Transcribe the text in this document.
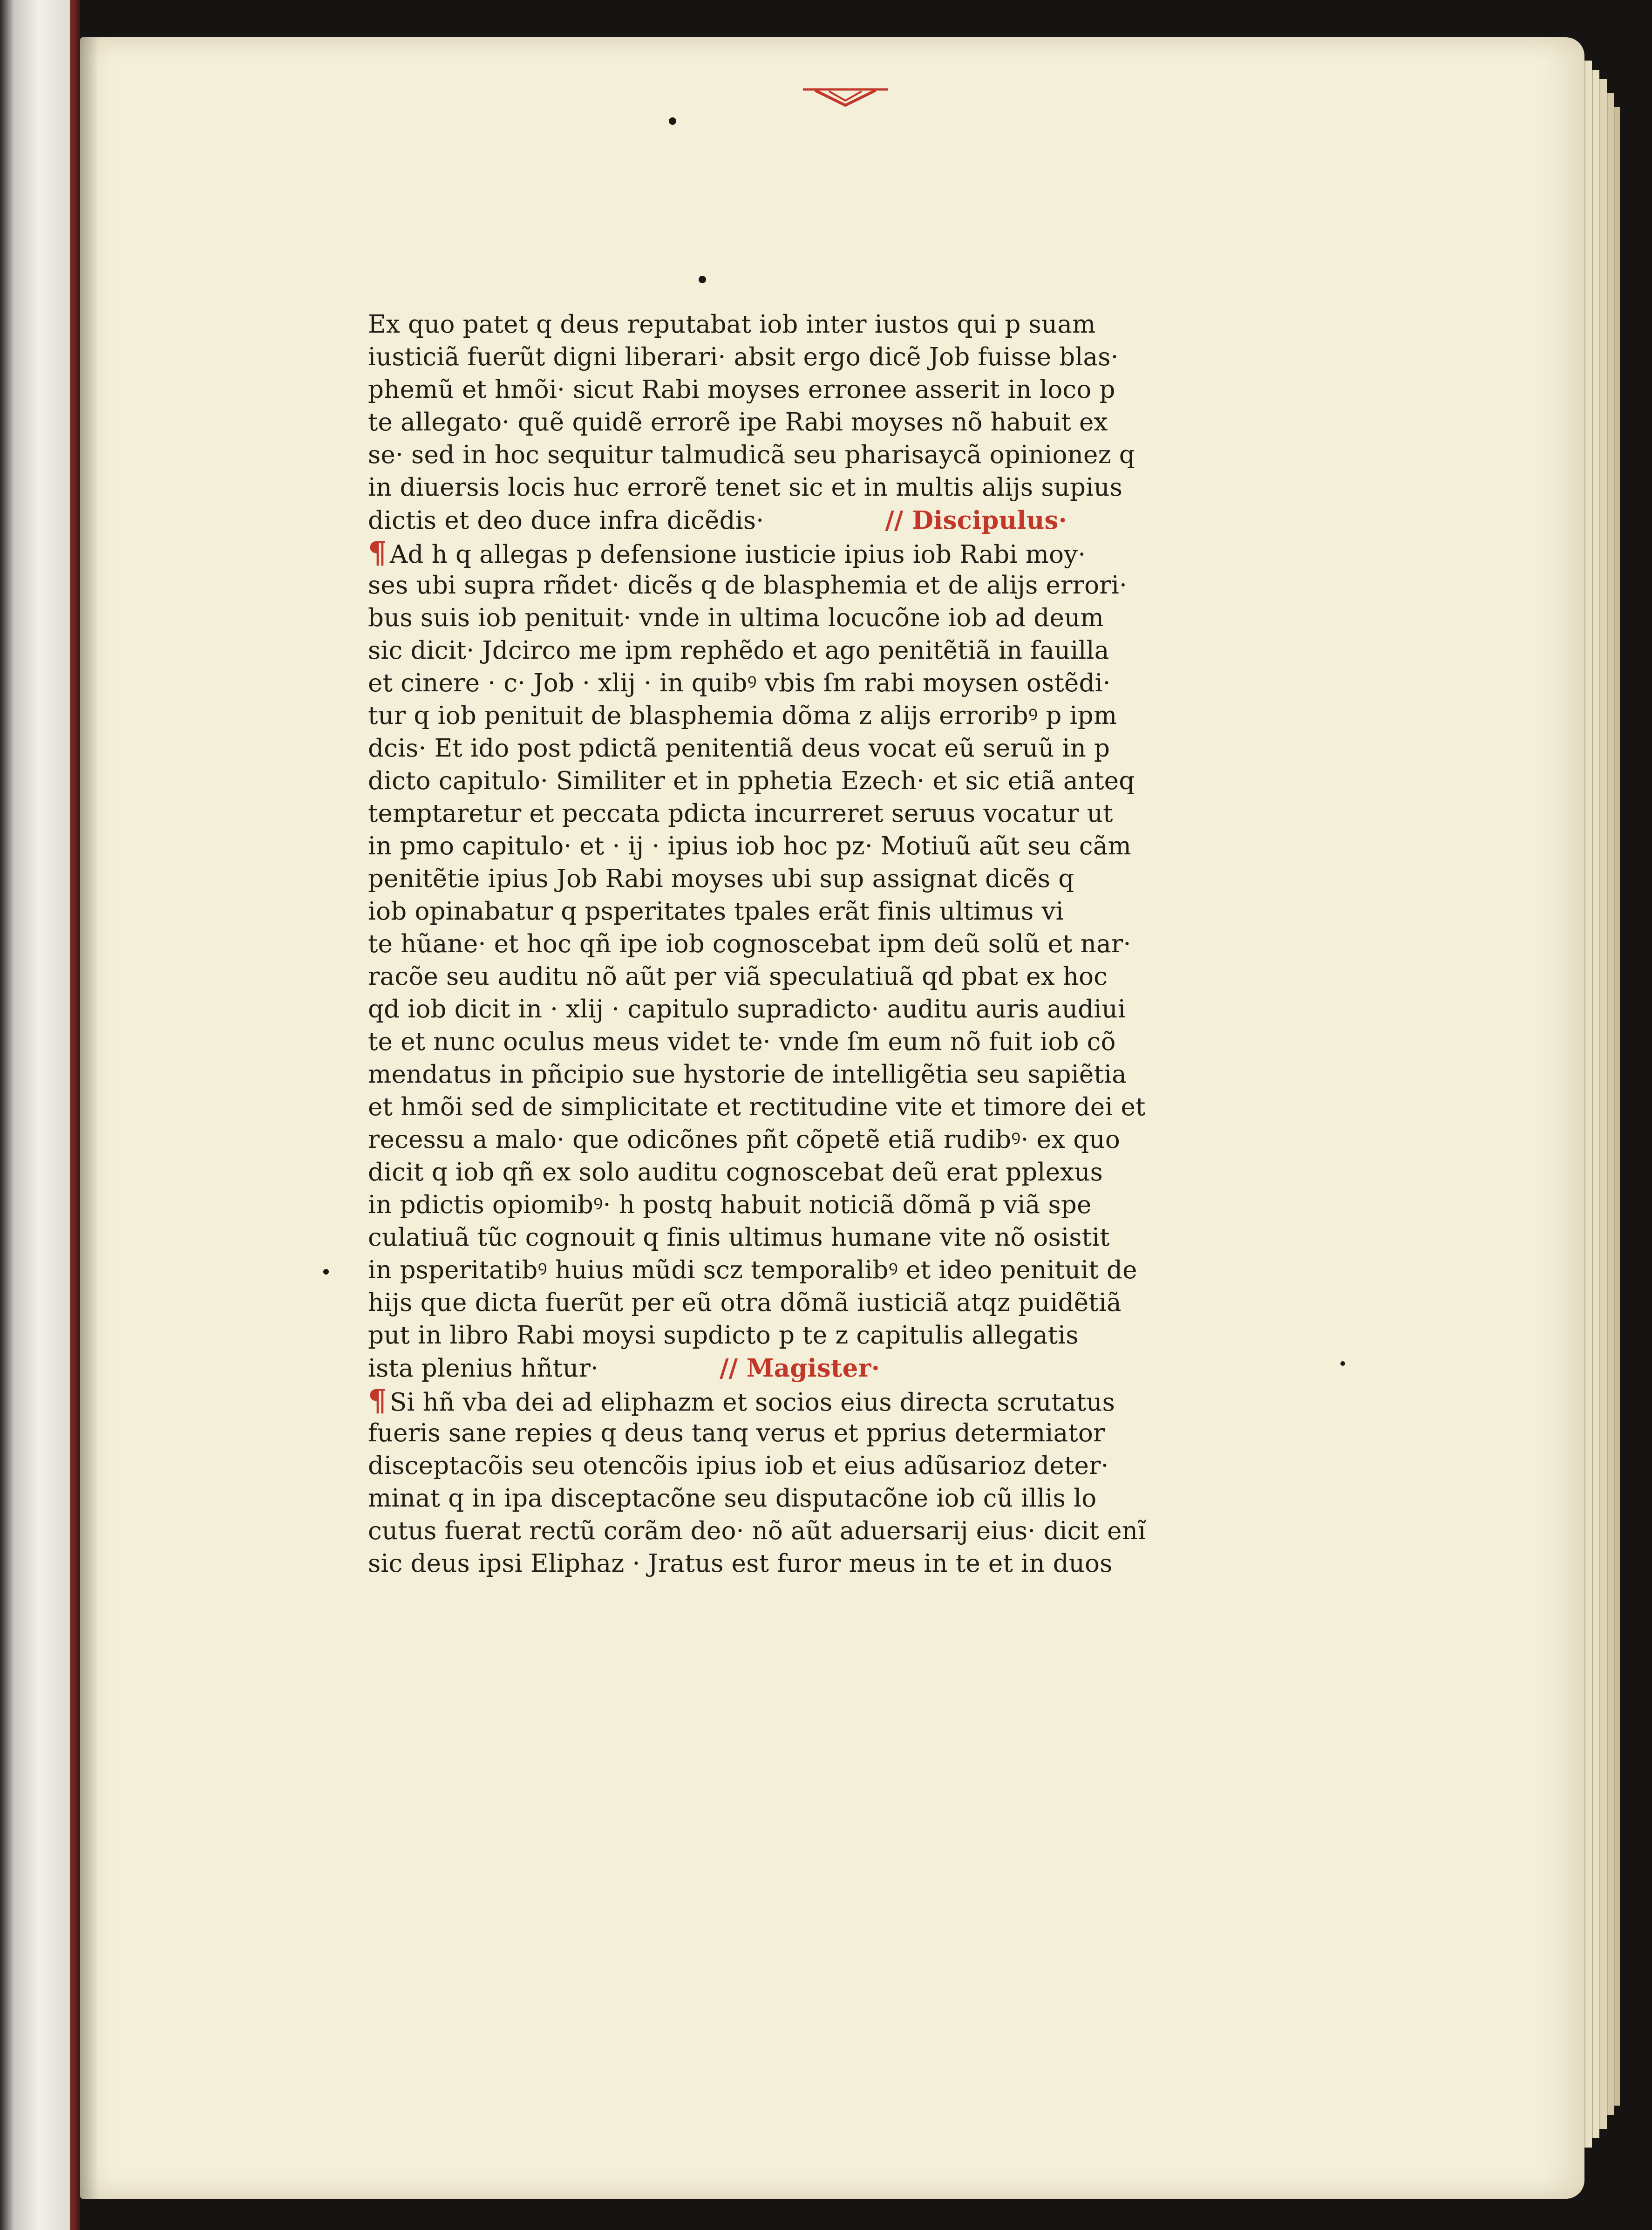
Ex quo patet q deus reputabat iob inter iustos qui p suam
iusticiã fuerũt digni liberari· absit ergo dicẽ Job fuisse blas·
phemũ et hmõi· sicut Rabi moyses erronee asserit in loco p
te allegato· quẽ quidẽ errorẽ ipe Rabi moyses nõ habuit ex
se· sed in hoc sequitur talmudicã seu pharisaycã opinionez q
in diuersis locis huc errorẽ tenet sic et in multis alijs supius
dictis et deo duce infra dicẽdis·	// Discipulus·
¶ Ad h q allegas p defensione iusticie ipius iob Rabi moy·
ses ubi supra rñdet· dicẽs q de blasphemia et de alijs errori·
bus suis iob penituit· vnde in ultima locucõne iob ad deum
sic dicit· Jdcirco me ipm rephẽdo et ago penitẽtiã in fauilla
et cinere · c· Job · xlij · in quibꝰ vbis ſm rabi moysen ostẽdi·
tur q iob penituit de blasphemia dõma z alijs erroribꝰ p ipm
dcis· Et ido post pdictã penitentiã deus vocat eũ seruũ in p
dicto capitulo· Similiter et in pphetia Ezech· et sic etiã anteq
temptaretur et peccata pdicta incurreret seruus vocatur ut
in pmo capitulo· et · ij · ipius iob hoc pz· Motiuũ aũt seu cãm
penitẽtie ipius Job Rabi moyses ubi sup assignat dicẽs q
iob opinabatur q psperitates tpales erãt finis ultimus vi
te hũane· et hoc qñ ipe iob cognoscebat ipm deũ solũ et nar·
racõe seu auditu nõ aũt per viã speculatiuã qd pbat ex hoc
qd iob dicit in · xlij · capitulo supradicto· auditu auris audiui
te et nunc oculus meus videt te· vnde ſm eum nõ fuit iob cõ
mendatus in pñcipio sue hystorie de intelligẽtia seu sapiẽtia
et hmõi sed de simplicitate et rectitudine vite et timore dei et
recessu a malo· que odicõnes pñt cõpetẽ etiã rudibꝰ· ex quo
dicit q iob qñ ex solo auditu cognoscebat deũ erat pplexus
in pdictis opiomibꝰ· h postq habuit noticiã dõmã p viã spe
culatiuã tũc cognouit q finis ultimus humane vite nõ osistit
in psperitatibꝰ huius mũdi scz temporalibꝰ et ideo penituit de
hijs que dicta fuerũt per eũ otra dõmã iusticiã atqz puidẽtiã
put in libro Rabi moysi supdicto p te z capitulis allegatis
ista plenius hñtur·	// Magister·
¶ Si hñ vba dei ad eliphazm et socios eius directa scrutatus
fueris sane repies q deus tanq verus et pprius determiator
disceptacõis seu otencõis ipius iob et eius adũsarioz deter·
minat q in ipa disceptacõne seu disputacõne iob cũ illis lo
cutus fuerat rectũ corãm deo· nõ aũt aduersarij eius· dicit enĩ
sic deus ipsi Eliphaz · Jratus est furor meus in te et in duos
